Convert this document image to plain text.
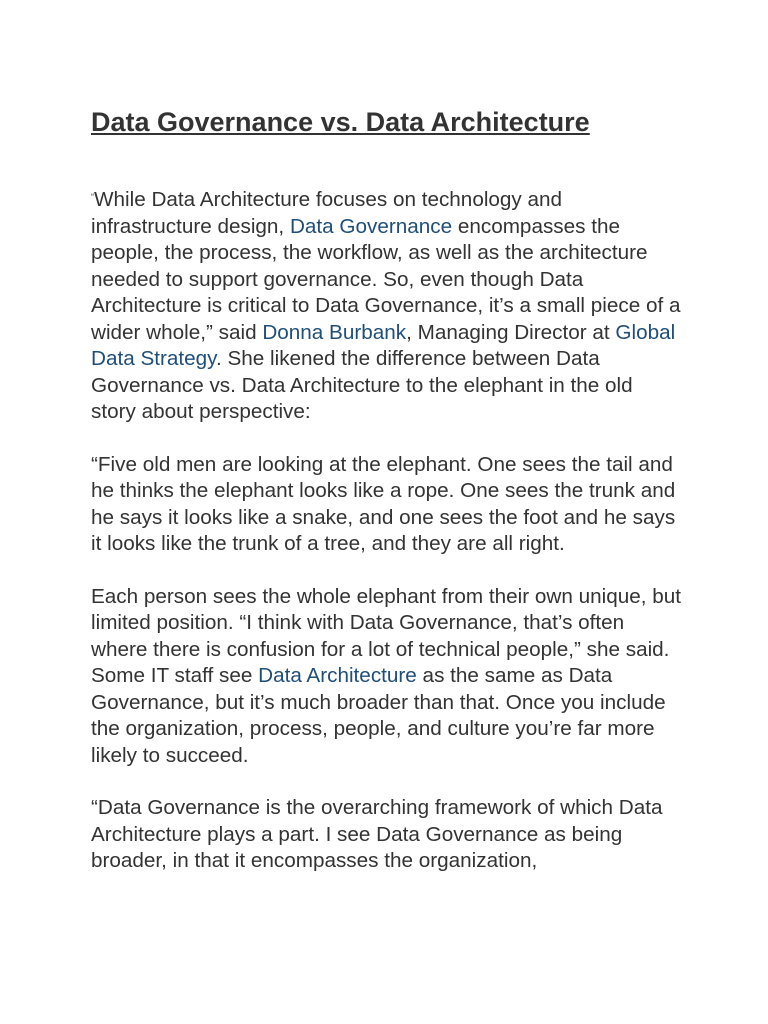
Data Governance vs. Data Architecture

“While Data Architecture focuses on technology and infrastructure design, Data Governance encompasses the people, the process, the workflow, as well as the architecture needed to support governance. So, even though Data Architecture is critical to Data Governance, it’s a small piece of a wider whole,” said Donna Burbank, Managing Director at Global Data Strategy. She likened the difference between Data Governance vs. Data Architecture to the elephant in the old story about perspective:

“Five old men are looking at the elephant. One sees the tail and he thinks the elephant looks like a rope. One sees the trunk and he says it looks like a snake, and one sees the foot and he says it looks like the trunk of a tree, and they are all right.

Each person sees the whole elephant from their own unique, but limited position. “I think with Data Governance, that’s often where there is confusion for a lot of technical people,” she said. Some IT staff see Data Architecture as the same as Data Governance, but it’s much broader than that. Once you include the organization, process, people, and culture you’re far more likely to succeed.

“Data Governance is the overarching framework of which Data Architecture plays a part. I see Data Governance as being broader, in that it encompasses the organization,
